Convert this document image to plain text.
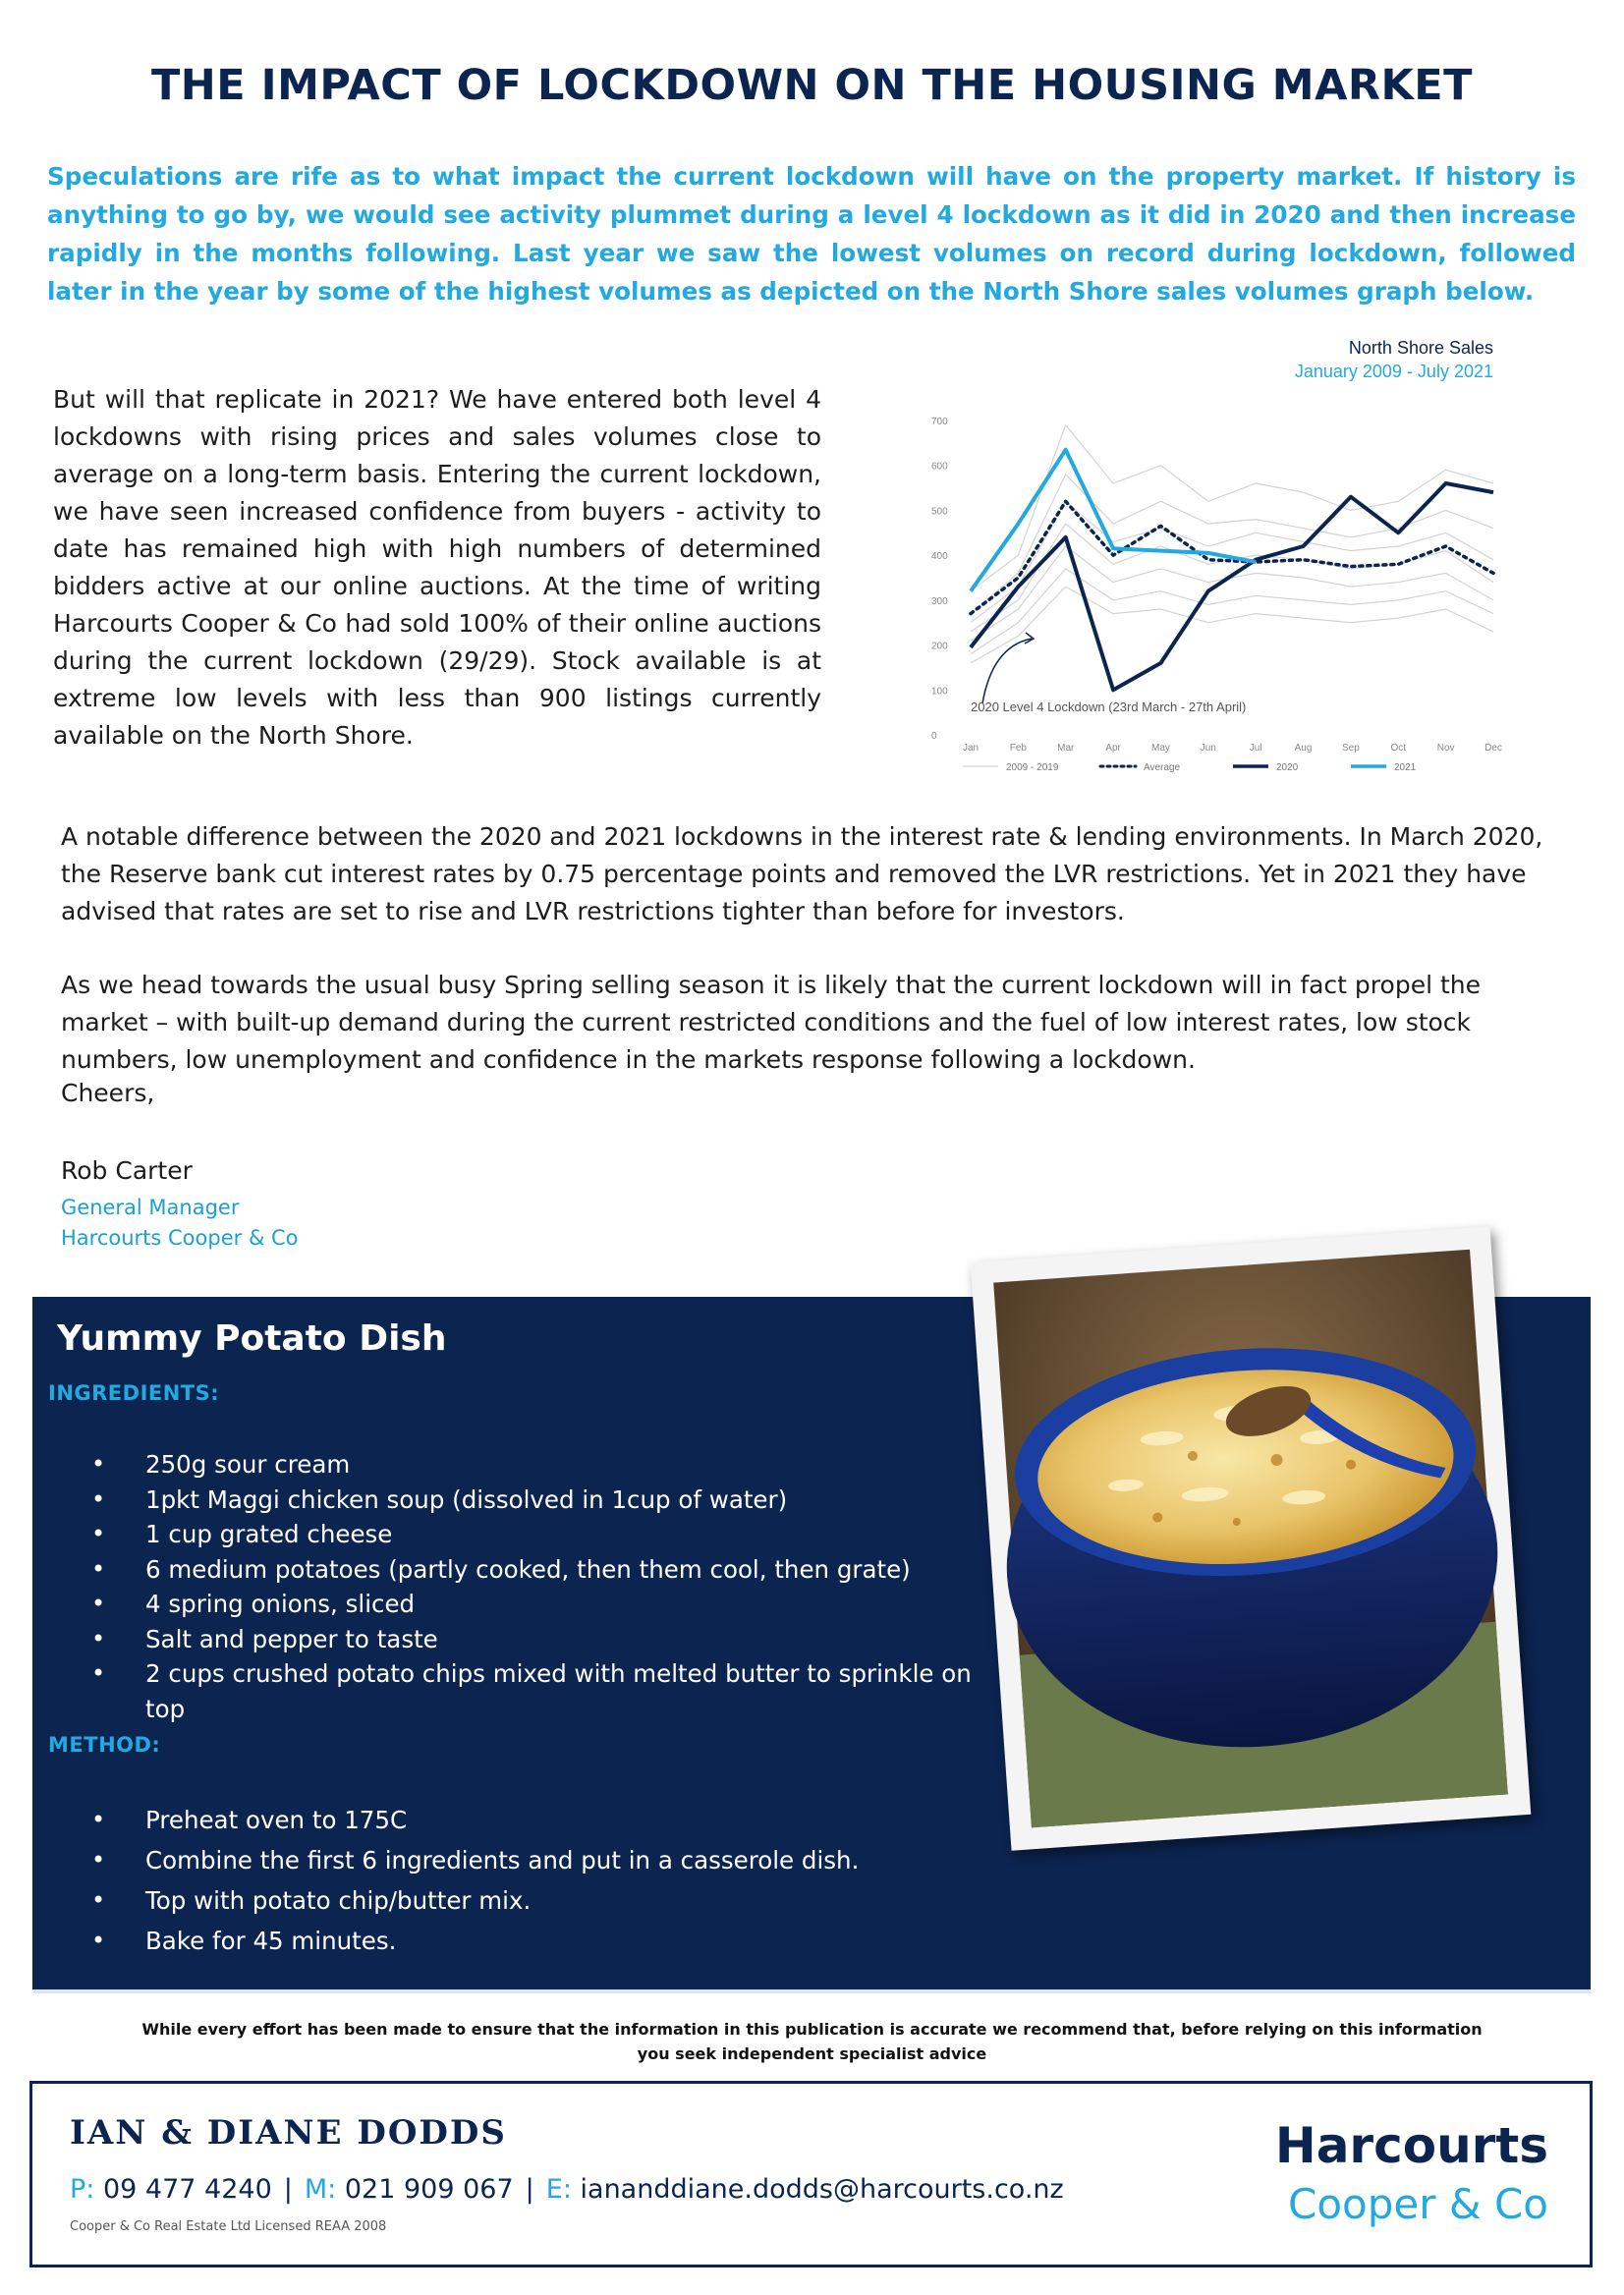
THE IMPACT OF LOCKDOWN ON THE HOUSING MARKET
Speculations are rife as to what impact the current lockdown will have on the property market. If history is anything to go by, we would see activity plummet during a level 4 lockdown as it did in 2020 and then increase rapidly in the months following. Last year we saw the lowest volumes on record during lockdown, followed later in the year by some of the highest volumes as depicted on the North Shore sales volumes graph below.
But will that replicate in 2021? We have entered both level 4 lockdowns with rising prices and sales volumes close to average on a long-term basis. Entering the current lockdown, we have seen increased confidence from buyers - activity to date has remained high with high numbers of determined bidders active at our online auctions. At the time of writing Harcourts Cooper & Co had sold 100% of their online auctions during the current lockdown (29/29). Stock available is at extreme low levels with less than 900 listings currently available on the North Shore.
North Shore Sales
January 2009 - July 2021
0
100
200
300
400
500
600
700
Jan	Feb	Mar	Apr	May	Jun	Jul	Aug	Sep	Oct	Nov	Dec
2020 Level 4 Lockdown (23rd March - 27th April)
2009 - 2019	Average	2020	2021
A notable difference between the 2020 and 2021 lockdowns in the interest rate & lending environments. In March 2020, the Reserve bank cut interest rates by 0.75 percentage points and removed the LVR restrictions. Yet in 2021 they have advised that rates are set to rise and LVR restrictions tighter than before for investors.
As we head towards the usual busy Spring selling season it is likely that the current lockdown will in fact propel the market – with built-up demand during the current restricted conditions and the fuel of low interest rates, low stock numbers, low unemployment and confidence in the markets response following a lockdown.
Cheers,
Rob Carter
General Manager
Harcourts Cooper & Co
Yummy Potato Dish
INGREDIENTS:
• 250g sour cream
• 1pkt Maggi chicken soup (dissolved in 1cup of water)
• 1 cup grated cheese
• 6 medium potatoes (partly cooked, then them cool, then grate)
• 4 spring onions, sliced
• Salt and pepper to taste
• 2 cups crushed potato chips mixed with melted butter to sprinkle on top
METHOD:
• Preheat oven to 175C
• Combine the first 6 ingredients and put in a casserole dish.
• Top with potato chip/butter mix.
• Bake for 45 minutes.
While every effort has been made to ensure that the information in this publication is accurate we recommend that, before relying on this information
you seek independent specialist advice
IAN & DIANE DODDS
P: 09 477 4240 | M: 021 909 067 | E: iananddiane.dodds@harcourts.co.nz
Cooper & Co Real Estate Ltd Licensed REAA 2008
Harcourts
Cooper & Co
